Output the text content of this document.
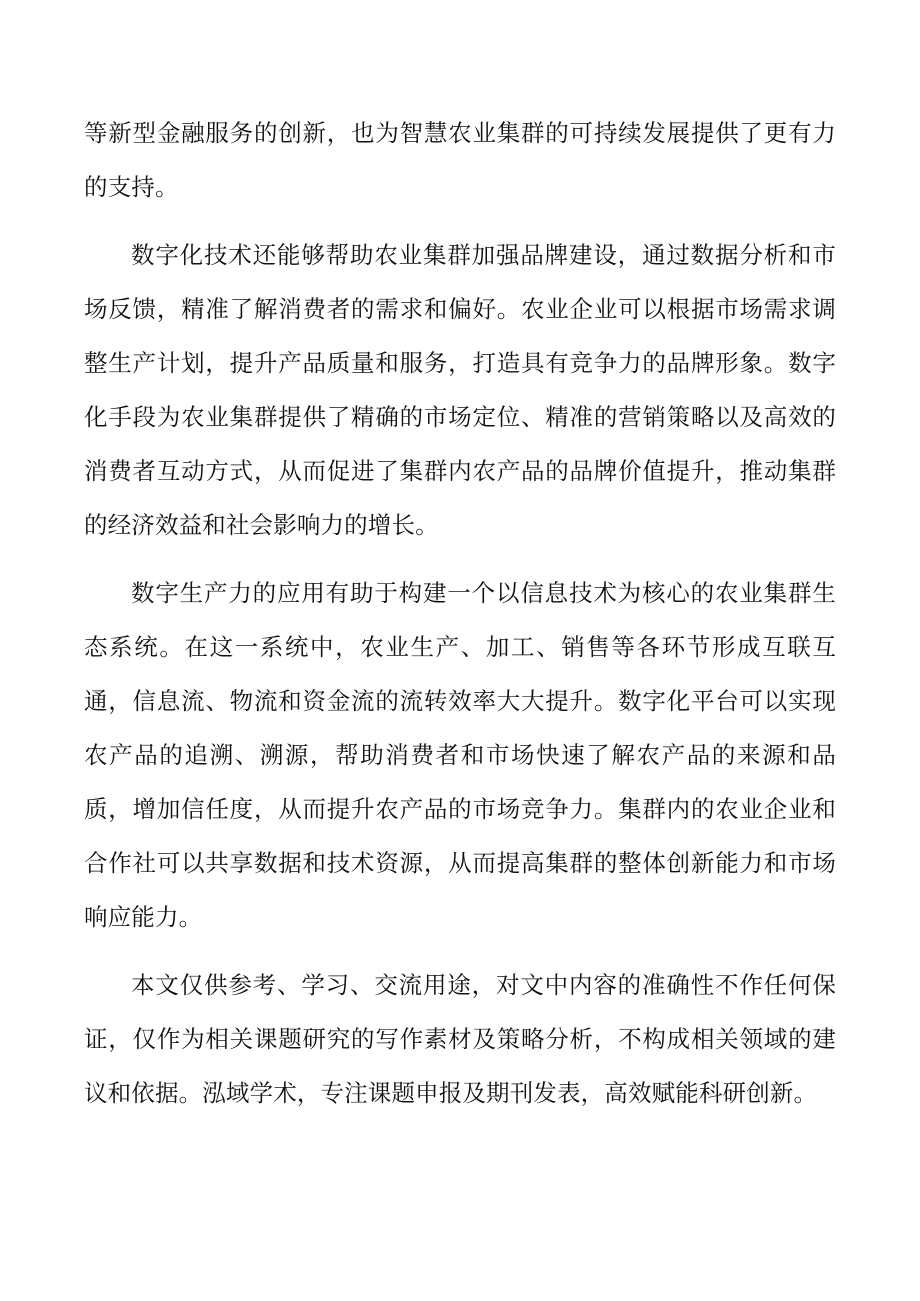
等新型金融服务的创新，也为智慧农业集群的可持续发展提供了更有力的支持。

数字化技术还能够帮助农业集群加强品牌建设，通过数据分析和市场反馈，精准了解消费者的需求和偏好。农业企业可以根据市场需求调整生产计划，提升产品质量和服务，打造具有竞争力的品牌形象。数字化手段为农业集群提供了精确的市场定位、精准的营销策略以及高效的消费者互动方式，从而促进了集群内农产品的品牌价值提升，推动集群的经济效益和社会影响力的增长。

数字生产力的应用有助于构建一个以信息技术为核心的农业集群生态系统。在这一系统中，农业生产、加工、销售等各环节形成互联互通，信息流、物流和资金流的流转效率大大提升。数字化平台可以实现农产品的追溯、溯源，帮助消费者和市场快速了解农产品的来源和品质，增加信任度，从而提升农产品的市场竞争力。集群内的农业企业和合作社可以共享数据和技术资源，从而提高集群的整体创新能力和市场响应能力。

本文仅供参考、学习、交流用途，对文中内容的准确性不作任何保证，仅作为相关课题研究的写作素材及策略分析，不构成相关领域的建议和依据。泓域学术，专注课题申报及期刊发表，高效赋能科研创新。
